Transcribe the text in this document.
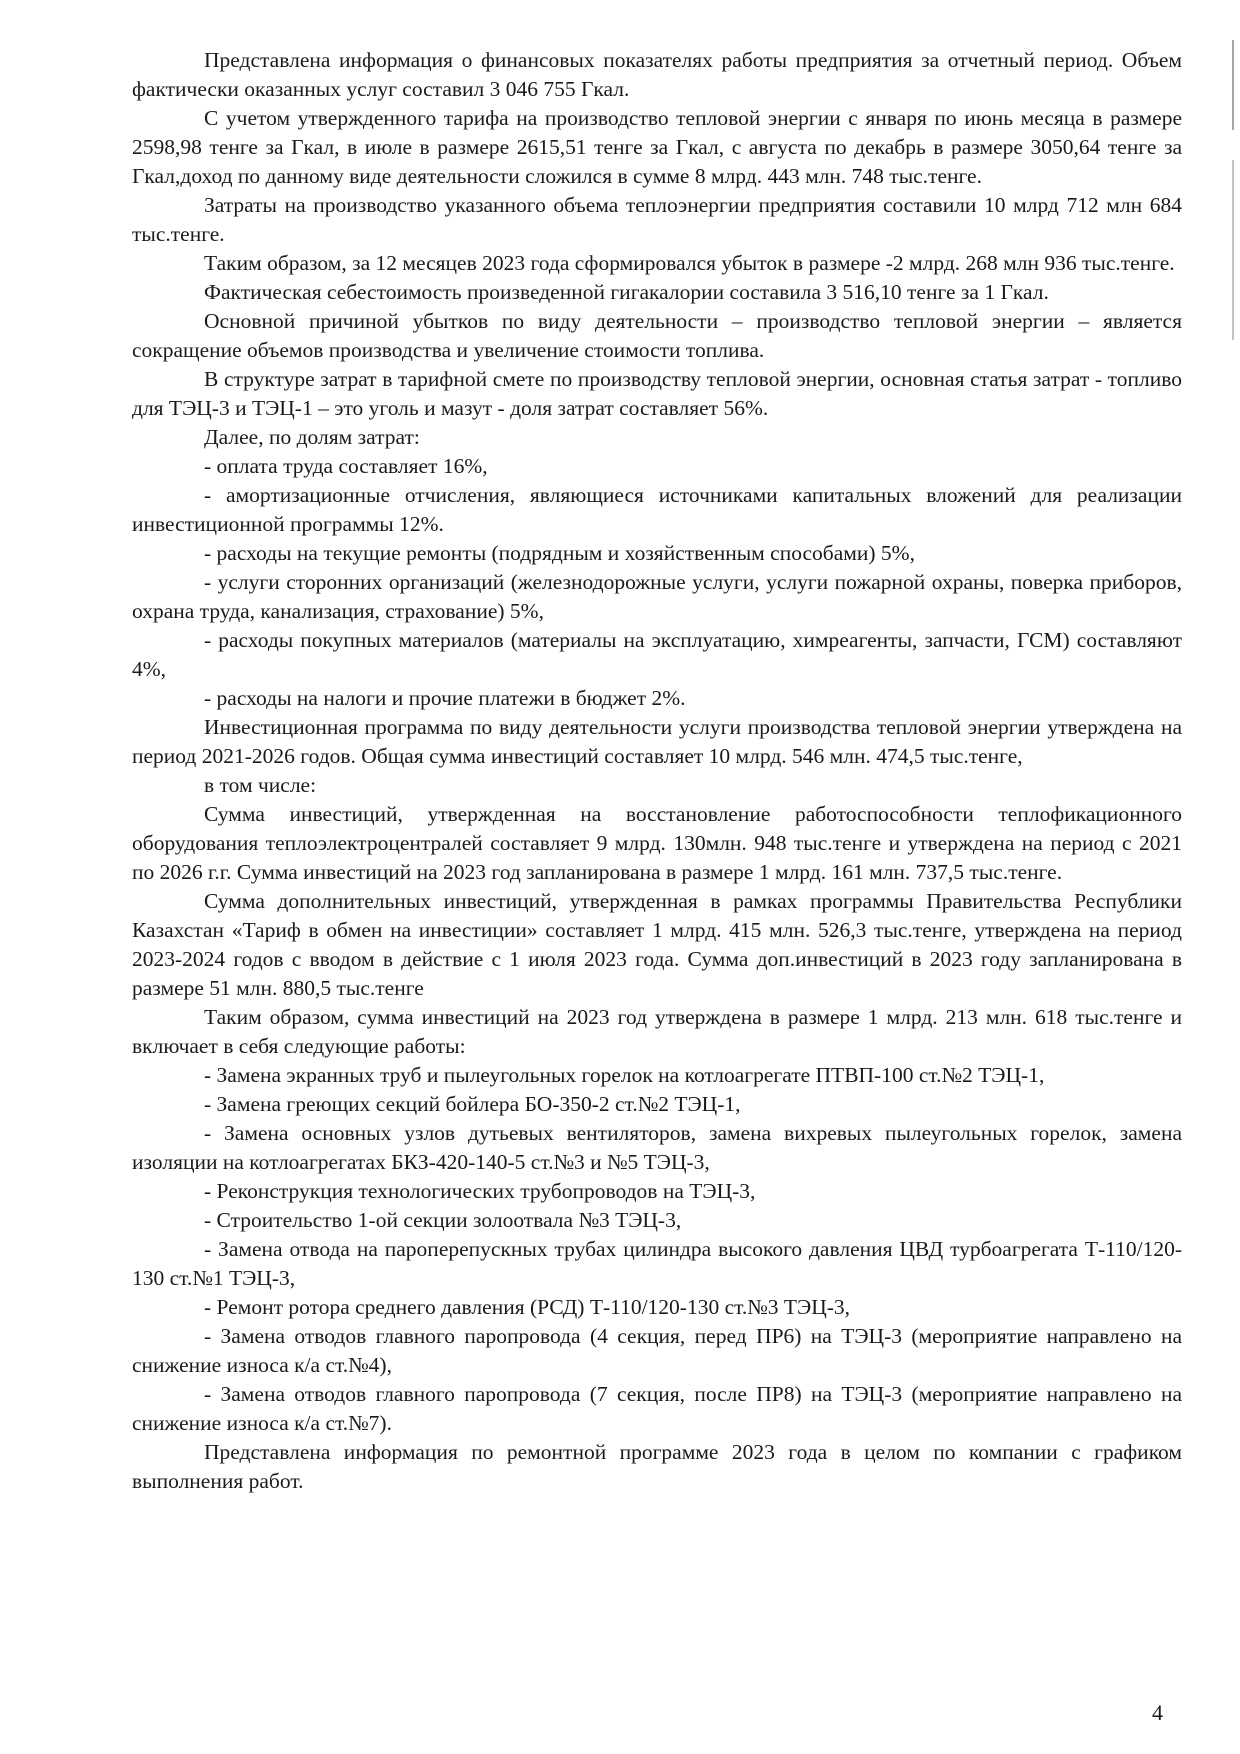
Представлена информация о финансовых показателях работы предприятия за отчетный период. Объем фактически оказанных услуг составил 3 046 755 Гкал.

С учетом утвержденного тарифа на производство тепловой энергии с января по июнь месяца в размере 2598,98 тенге за Гкал, в июле в размере 2615,51 тенге за Гкал, с августа по декабрь в размере 3050,64 тенге за Гкал,доход по данному виде деятельности сложился в сумме 8 млрд. 443 млн. 748 тыс.тенге.

Затраты на производство указанного объема теплоэнергии предприятия составили 10 млрд 712 млн 684 тыс.тенге.

Таким образом, за 12 месяцев 2023 года сформировался убыток в размере -2 млрд. 268 млн 936 тыс.тенге.

Фактическая себестоимость произведенной гигакалории составила 3 516,10 тенге за 1 Гкал.

Основной причиной убытков по виду деятельности – производство тепловой энергии – является сокращение объемов производства и увеличение стоимости топлива.

В структуре затрат в тарифной смете по производству тепловой энергии, основная статья затрат - топливо для ТЭЦ-3 и ТЭЦ-1 – это уголь и мазут - доля затрат составляет 56%.

Далее, по долям затрат:

- оплата труда составляет 16%,

- амортизационные отчисления, являющиеся источниками капитальных вложений для реализации инвестиционной программы 12%.

- расходы на текущие ремонты (подрядным и хозяйственным способами) 5%,

- услуги сторонних организаций (железнодорожные услуги, услуги пожарной охраны, поверка приборов, охрана труда, канализация, страхование) 5%,

- расходы покупных материалов (материалы на эксплуатацию, химреагенты, запчасти, ГСМ) составляют 4%,

- расходы на налоги и прочие платежи в бюджет 2%.

Инвестиционная программа по виду деятельности услуги производства тепловой энергии утверждена на период 2021-2026 годов. Общая сумма инвестиций составляет 10 млрд. 546 млн. 474,5 тыс.тенге,

в том числе:

Сумма инвестиций, утвержденная на восстановление работоспособности теплофикационного оборудования теплоэлектроцентралей составляет 9 млрд. 130млн. 948 тыс.тенге и утверждена на период с 2021 по 2026 г.г. Сумма инвестиций на 2023 год запланирована в размере 1 млрд. 161 млн. 737,5 тыс.тенге.

Сумма дополнительных инвестиций, утвержденная в рамках программы Правительства Республики Казахстан «Тариф в обмен на инвестиции» составляет 1 млрд. 415 млн. 526,3 тыс.тенге, утверждена на период 2023-2024 годов с вводом в действие с 1 июля 2023 года. Сумма доп.инвестиций в 2023 году запланирована в размере 51 млн. 880,5 тыс.тенге

Таким образом, сумма инвестиций на 2023 год утверждена в размере 1 млрд. 213 млн. 618 тыс.тенге и включает в себя следующие работы:

- Замена экранных труб и пылеугольных горелок на котлоагрегате ПТВП-100 ст.№2 ТЭЦ-1,

- Замена греющих секций бойлера БО-350-2 ст.№2 ТЭЦ-1,

- Замена основных узлов дутьевых вентиляторов, замена вихревых пылеугольных горелок, замена изоляции на котлоагрегатах БКЗ-420-140-5 ст.№3 и №5 ТЭЦ-3,

- Реконструкция технологических трубопроводов на ТЭЦ-3,

- Строительство 1-ой секции золоотвала №3 ТЭЦ-3,

- Замена отвода на пароперепускных трубах цилиндра высокого давления ЦВД турбоагрегата Т-110/120-130 ст.№1 ТЭЦ-3,

- Ремонт ротора среднего давления (РСД) Т-110/120-130 ст.№3 ТЭЦ-3,

- Замена отводов главного паропровода (4 секция, перед ПР6) на ТЭЦ-3 (мероприятие направлено на снижение износа к/а ст.№4),

- Замена отводов главного паропровода (7 секция, после ПР8) на ТЭЦ-3 (мероприятие направлено на снижение износа к/а ст.№7).

Представлена информация по ремонтной программе 2023 года в целом по компании с графиком выполнения работ.

4
